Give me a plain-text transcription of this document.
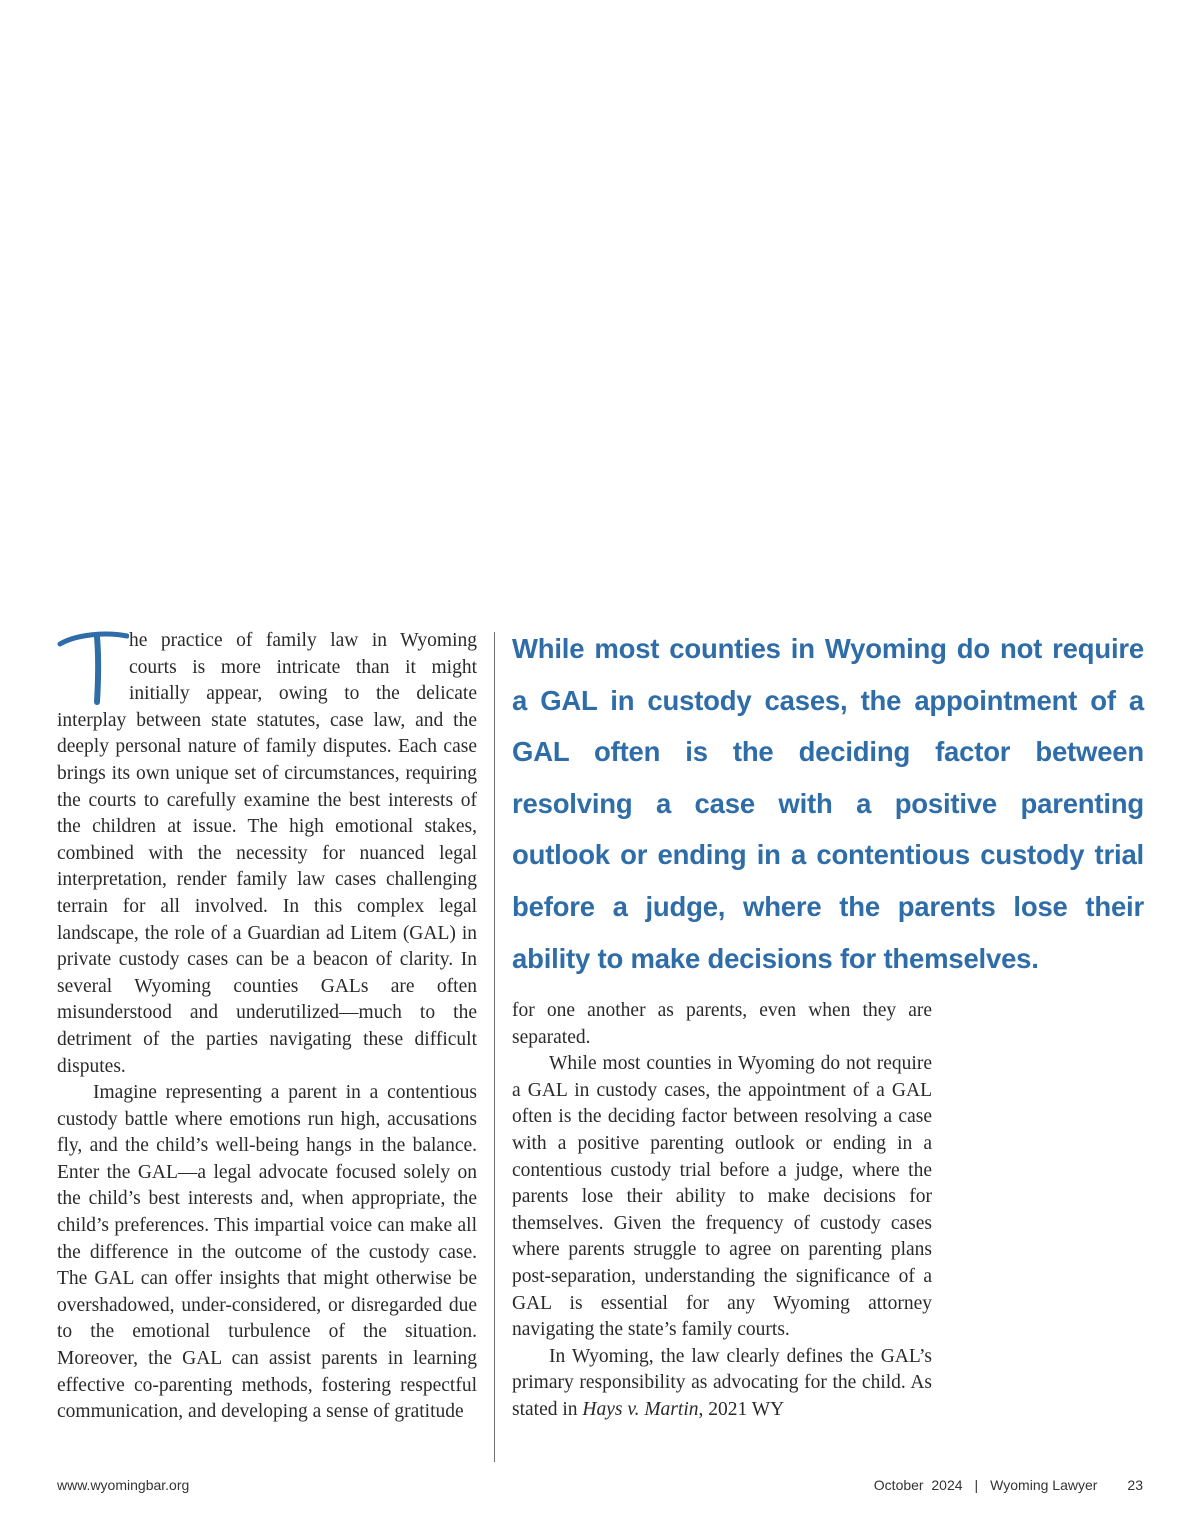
he practice of family law in Wyoming courts is more intricate than it might initially appear, owing to the delicate interplay between state statutes, case law, and the deeply personal nature of family disputes. Each case brings its own unique set of circumstances, requiring the courts to carefully examine the best interests of the children at issue. The high emotional stakes, combined with the necessity for nuanced legal interpretation, render family law cases challenging terrain for all involved. In this complex legal landscape, the role of a Guardian ad Litem (GAL) in private custody cases can be a beacon of clarity. In several Wyoming counties GALs are often misunderstood and underutilized—much to the detriment of the parties navigating these difficult disputes.

Imagine representing a parent in a contentious custody battle where emotions run high, accusations fly, and the child’s well-being hangs in the balance. Enter the GAL—a legal advocate focused solely on the child’s best interests and, when appropriate, the child’s preferences. This impartial voice can make all the difference in the outcome of the custody case. The GAL can offer insights that might otherwise be overshadowed, under-considered, or disregarded due to the emotional turbulence of the situation. Moreover, the GAL can assist parents in learning effective co-parenting methods, fostering respectful communication, and developing a sense of gratitude

While most counties in Wyoming do not require a GAL in custody cases, the appointment of a GAL often is the deciding factor between resolving a case with a positive parenting outlook or ending in a contentious custody trial before a judge, where the parents lose their ability to make decisions for themselves.

for one another as parents, even when they are separated.

While most counties in Wyoming do not require a GAL in custody cases, the appointment of a GAL often is the deciding factor between resolving a case with a positive parenting outlook or ending in a contentious custody trial before a judge, where the parents lose their ability to make decisions for themselves. Given the frequency of custody cases where parents struggle to agree on parenting plans post-separation, understanding the significance of a GAL is essential for any Wyoming attorney navigating the state’s family courts.

In Wyoming, the law clearly defines the GAL’s primary responsibility as advocating for the child. As stated in Hays v. Martin, 2021 WY

www.wyomingbar.org	October  2024 | Wyoming Lawyer 23
